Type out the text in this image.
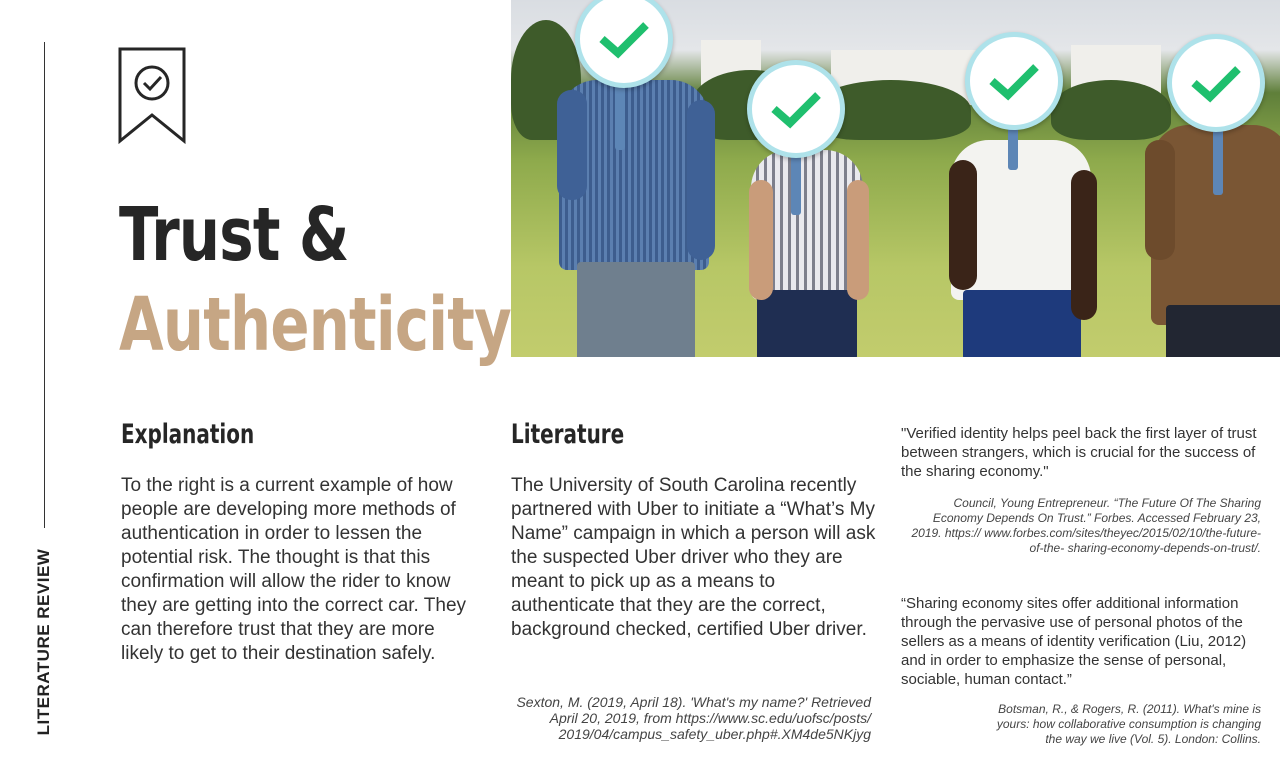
LITERATURE REVIEW
Trust &
Authenticity
Explanation

To the right is a current example of how people are developing more methods of authentication in order to lessen the potential risk. The thought is that this confirmation will allow the rider to know they are getting into the correct car. They can therefore trust that they are more likely to get to their destination safely.

Literature

The University of South Carolina recently partnered with Uber to initiate a “What’s My Name” campaign in which a person will ask the suspected Uber driver who they are meant to pick up as a means to authenticate that they are the correct, background checked, certified Uber driver.

Sexton, M. (2019, April 18). 'What's my name?' Retrieved April 20, 2019, from https://www.sc.edu/uofsc/posts/ 2019/04/campus_safety_uber.php#.XM4de5NKjyg

"Verified identity helps peel back the first layer of trust between strangers, which is crucial for the success of the sharing economy."

Council, Young Entrepreneur. “The Future Of The Sharing Economy Depends On Trust.” Forbes. Accessed February 23, 2019. https:// www.forbes.com/sites/theyec/2015/02/10/the-future-of-the- sharing-economy-depends-on-trust/.

“Sharing economy sites offer additional information through the pervasive use of personal photos of the sellers as a means of identity verification (Liu, 2012) and in order to emphasize the sense of personal, sociable, human contact.”

Botsman, R., & Rogers, R. (2011). What's mine is yours: how collaborative consumption is changing the way we live (Vol. 5). London: Collins.
